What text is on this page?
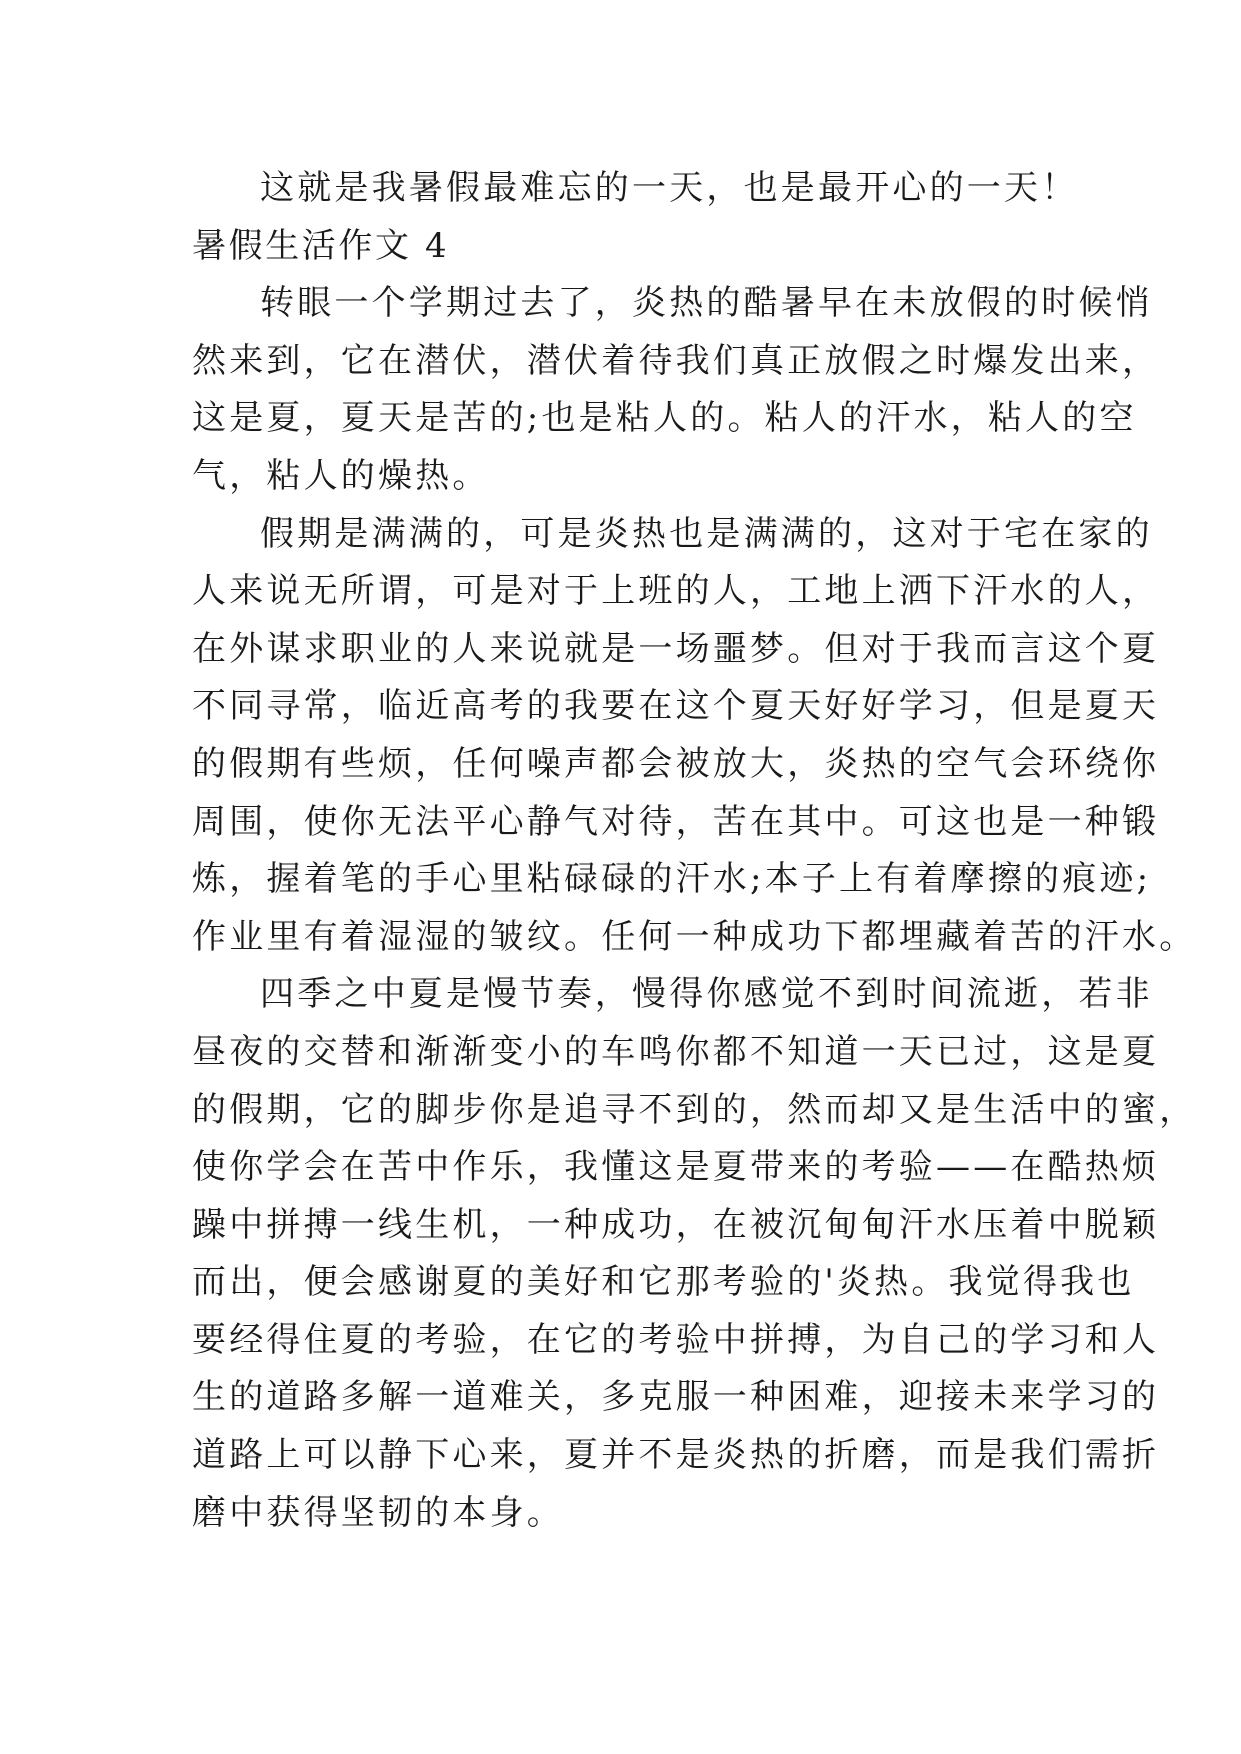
这就是我暑假最难忘的一天，也是最开心的一天！
暑假生活作文 4
转眼一个学期过去了，炎热的酷暑早在未放假的时候悄
然来到，它在潜伏，潜伏着待我们真正放假之时爆发出来，
这是夏，夏天是苦的;也是粘人的。粘人的汗水，粘人的空
气，粘人的燥热。
假期是满满的，可是炎热也是满满的，这对于宅在家的
人来说无所谓，可是对于上班的人，工地上洒下汗水的人，
在外谋求职业的人来说就是一场噩梦。但对于我而言这个夏
不同寻常，临近高考的我要在这个夏天好好学习，但是夏天
的假期有些烦，任何噪声都会被放大，炎热的空气会环绕你
周围，使你无法平心静气对待，苦在其中。可这也是一种锻
炼，握着笔的手心里粘碌碌的汗水;本子上有着摩擦的痕迹;
作业里有着湿湿的皱纹。任何一种成功下都埋藏着苦的汗水。
四季之中夏是慢节奏，慢得你感觉不到时间流逝，若非
昼夜的交替和渐渐变小的车鸣你都不知道一天已过，这是夏
的假期，它的脚步你是追寻不到的，然而却又是生活中的蜜，
使你学会在苦中作乐，我懂这是夏带来的考验——在酷热烦
躁中拼搏一线生机，一种成功，在被沉甸甸汗水压着中脱颖
而出，便会感谢夏的美好和它那考验的'炎热。我觉得我也
要经得住夏的考验，在它的考验中拼搏，为自己的学习和人
生的道路多解一道难关，多克服一种困难，迎接未来学习的
道路上可以静下心来，夏并不是炎热的折磨，而是我们需折
磨中获得坚韧的本身。
